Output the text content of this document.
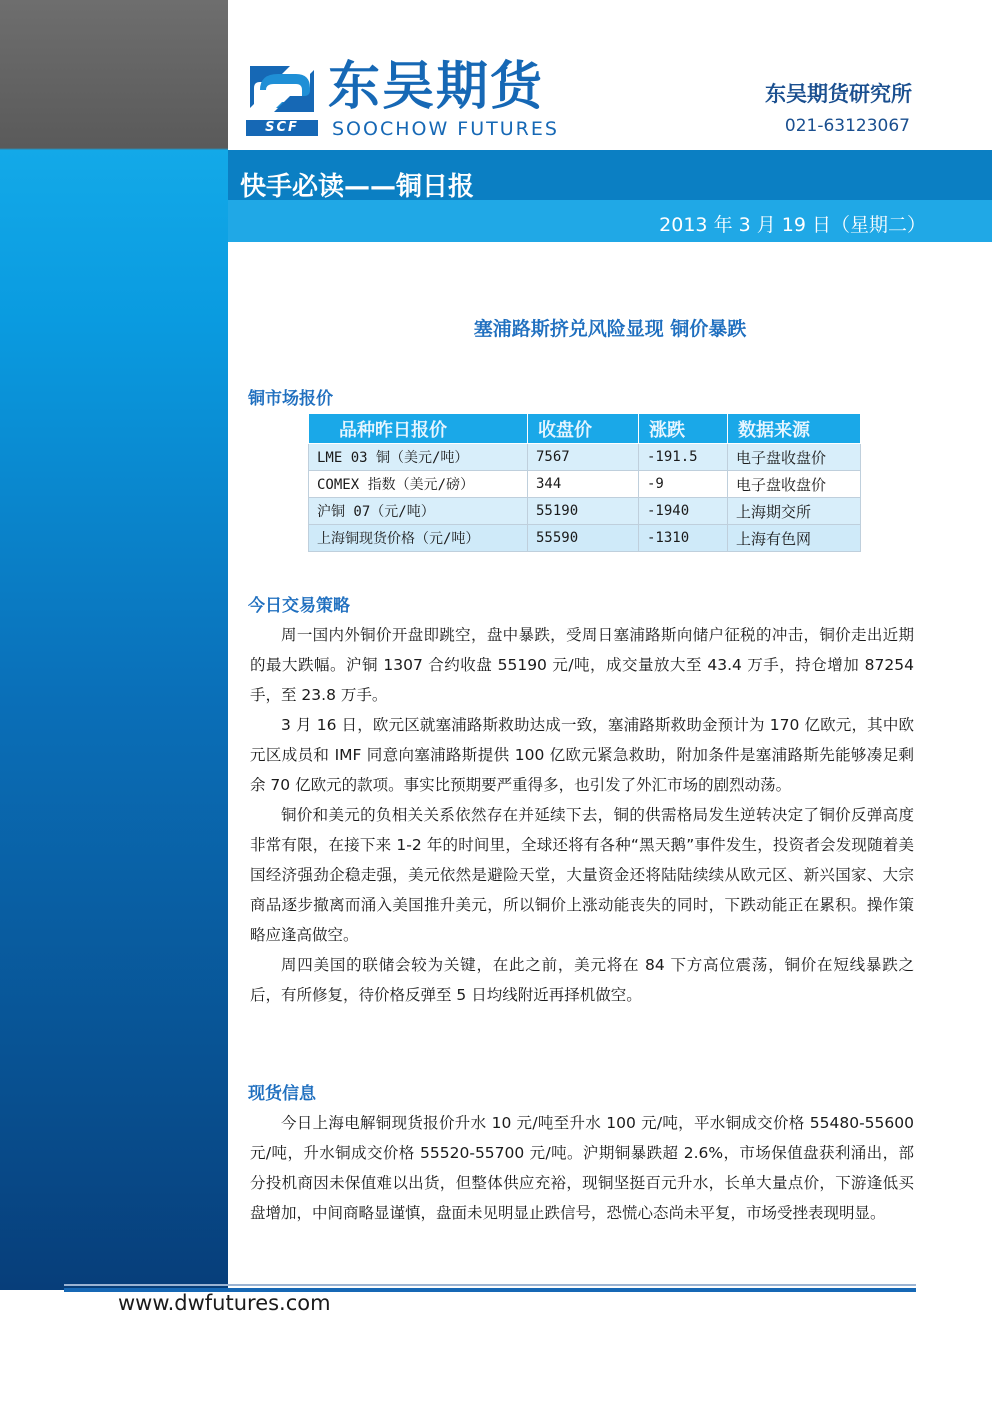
SCF
东吴期货
SOOCHOW FUTURES
东吴期货研究所
021-63123067
快手必读——铜日报
2013 年 3 月 19 日（星期二）
塞浦路斯挤兑风险显现 铜价暴跌
铜市场报价
品种昨日报价	收盘价	涨跌	数据来源
LME 03 铜（美元/吨）	7567	-191.5	电子盘收盘价
COMEX 指数（美元/磅）	344	-9	电子盘收盘价
沪铜 07（元/吨）	55190	-1940	上海期交所
上海铜现货价格（元/吨）	55590	-1310	上海有色网
今日交易策略

周一国内外铜价开盘即跳空，盘中暴跌，受周日塞浦路斯向储户征税的冲击，铜价走出近期的最大跌幅。沪铜 1307 合约收盘 55190 元/吨，成交量放大至 43.4 万手，持仓增加 87254 手，至 23.8 万手。

3 月 16 日，欧元区就塞浦路斯救助达成一致，塞浦路斯救助金预计为 170 亿欧元，其中欧元区成员和 IMF 同意向塞浦路斯提供 100 亿欧元紧急救助，附加条件是塞浦路斯先能够凑足剩余 70 亿欧元的款项。事实比预期要严重得多，也引发了外汇市场的剧烈动荡。

铜价和美元的负相关关系依然存在并延续下去，铜的供需格局发生逆转决定了铜价反弹高度非常有限，在接下来 1-2 年的时间里，全球还将有各种“黑天鹅”事件发生，投资者会发现随着美国经济强劲企稳走强，美元依然是避险天堂，大量资金还将陆陆续续从欧元区、新兴国家、大宗商品逐步撤离而涌入美国推升美元，所以铜价上涨动能丧失的同时，下跌动能正在累积。操作策略应逢高做空。

周四美国的联储会较为关键，在此之前，美元将在 84 下方高位震荡，铜价在短线暴跌之后，有所修复，待价格反弹至 5 日均线附近再择机做空。

现货信息

今日上海电解铜现货报价升水 10 元/吨至升水 100 元/吨，平水铜成交价格 55480-55600 元/吨，升水铜成交价格 55520-55700 元/吨。沪期铜暴跌超 2.6%，市场保值盘获利涌出，部分投机商因未保值难以出货，但整体供应充裕，现铜坚挺百元升水，长单大量点价，下游逢低买盘增加，中间商略显谨慎，盘面未见明显止跌信号，恐慌心态尚未平复，市场受挫表现明显。

www.dwfutures.com
